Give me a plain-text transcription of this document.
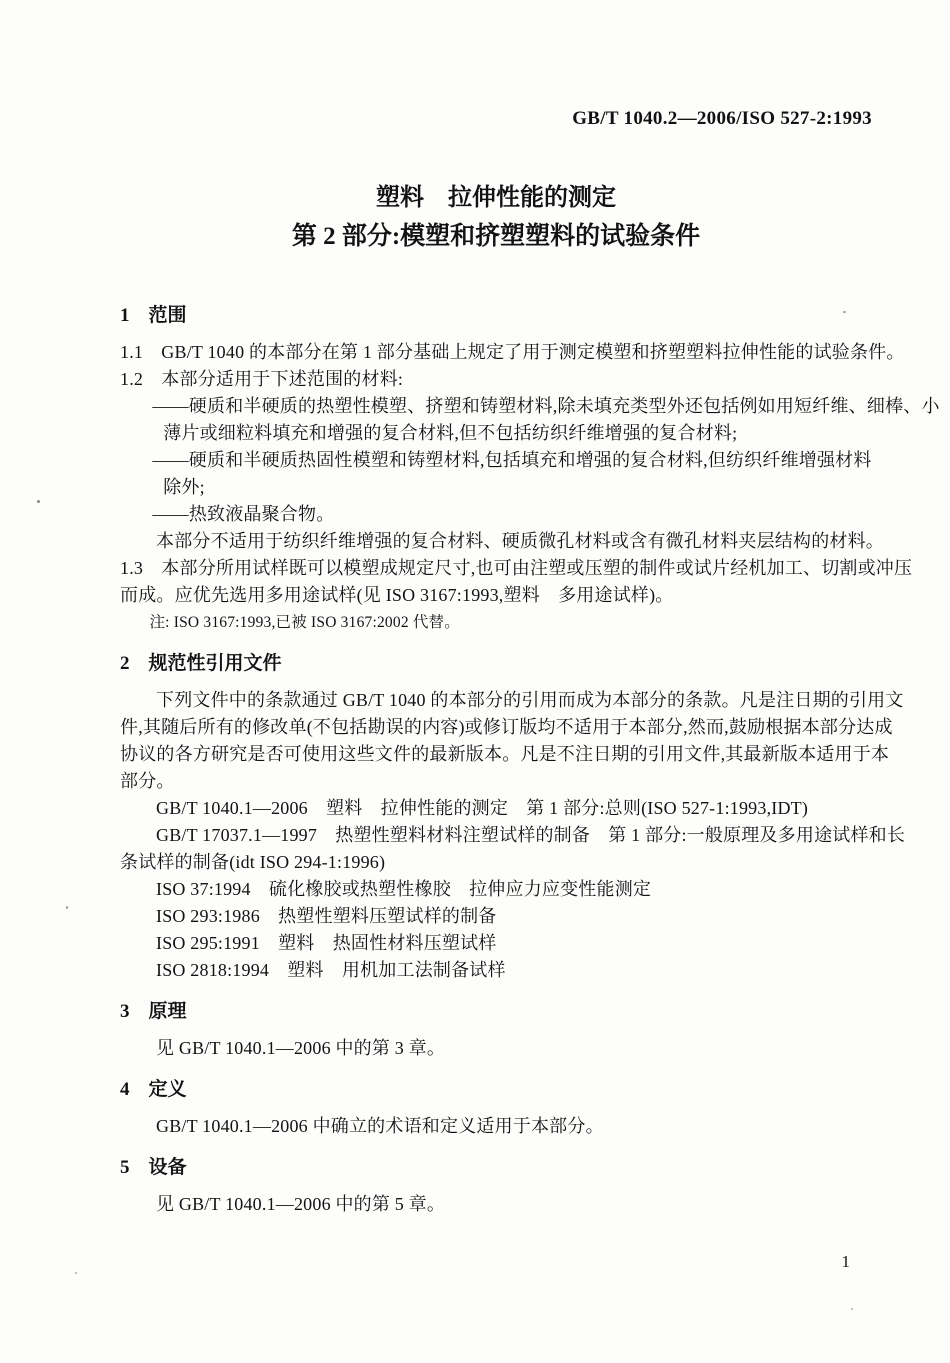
GB/T 1040.2—2006/ISO 527-2:1993
塑料　拉伸性能的测定
第 2 部分:模塑和挤塑塑料的试验条件
1　范围
1.1　GB/T 1040 的本部分在第 1 部分基础上规定了用于测定模塑和挤塑塑料拉伸性能的试验条件。
1.2　本部分适用于下述范围的材料:
——硬质和半硬质的热塑性模塑、挤塑和铸塑材料,除未填充类型外还包括例如用短纤维、细棒、小
薄片或细粒料填充和增强的复合材料,但不包括纺织纤维增强的复合材料;
——硬质和半硬质热固性模塑和铸塑材料,包括填充和增强的复合材料,但纺织纤维增强材料
除外;
——热致液晶聚合物。
本部分不适用于纺织纤维增强的复合材料、硬质微孔材料或含有微孔材料夹层结构的材料。
1.3　本部分所用试样既可以模塑成规定尺寸,也可由注塑或压塑的制件或试片经机加工、切割或冲压
而成。应优先选用多用途试样(见 ISO 3167:1993,塑料　多用途试样)。
注: ISO 3167:1993,已被 ISO 3167:2002 代替。
2　规范性引用文件
下列文件中的条款通过 GB/T 1040 的本部分的引用而成为本部分的条款。凡是注日期的引用文
件,其随后所有的修改单(不包括勘误的内容)或修订版均不适用于本部分,然而,鼓励根据本部分达成
协议的各方研究是否可使用这些文件的最新版本。凡是不注日期的引用文件,其最新版本适用于本
部分。
GB/T 1040.1—2006　塑料　拉伸性能的测定　第 1 部分:总则(ISO 527-1:1993,IDT)
GB/T 17037.1—1997　热塑性塑料材料注塑试样的制备　第 1 部分:一般原理及多用途试样和长
条试样的制备(idt ISO 294-1:1996)
ISO 37:1994　硫化橡胶或热塑性橡胶　拉伸应力应变性能测定
ISO 293:1986　热塑性塑料压塑试样的制备
ISO 295:1991　塑料　热固性材料压塑试样
ISO 2818:1994　塑料　用机加工法制备试样
3　原理
见 GB/T 1040.1—2006 中的第 3 章。
4　定义
GB/T 1040.1—2006 中确立的术语和定义适用于本部分。
5　设备
见 GB/T 1040.1—2006 中的第 5 章。
1
